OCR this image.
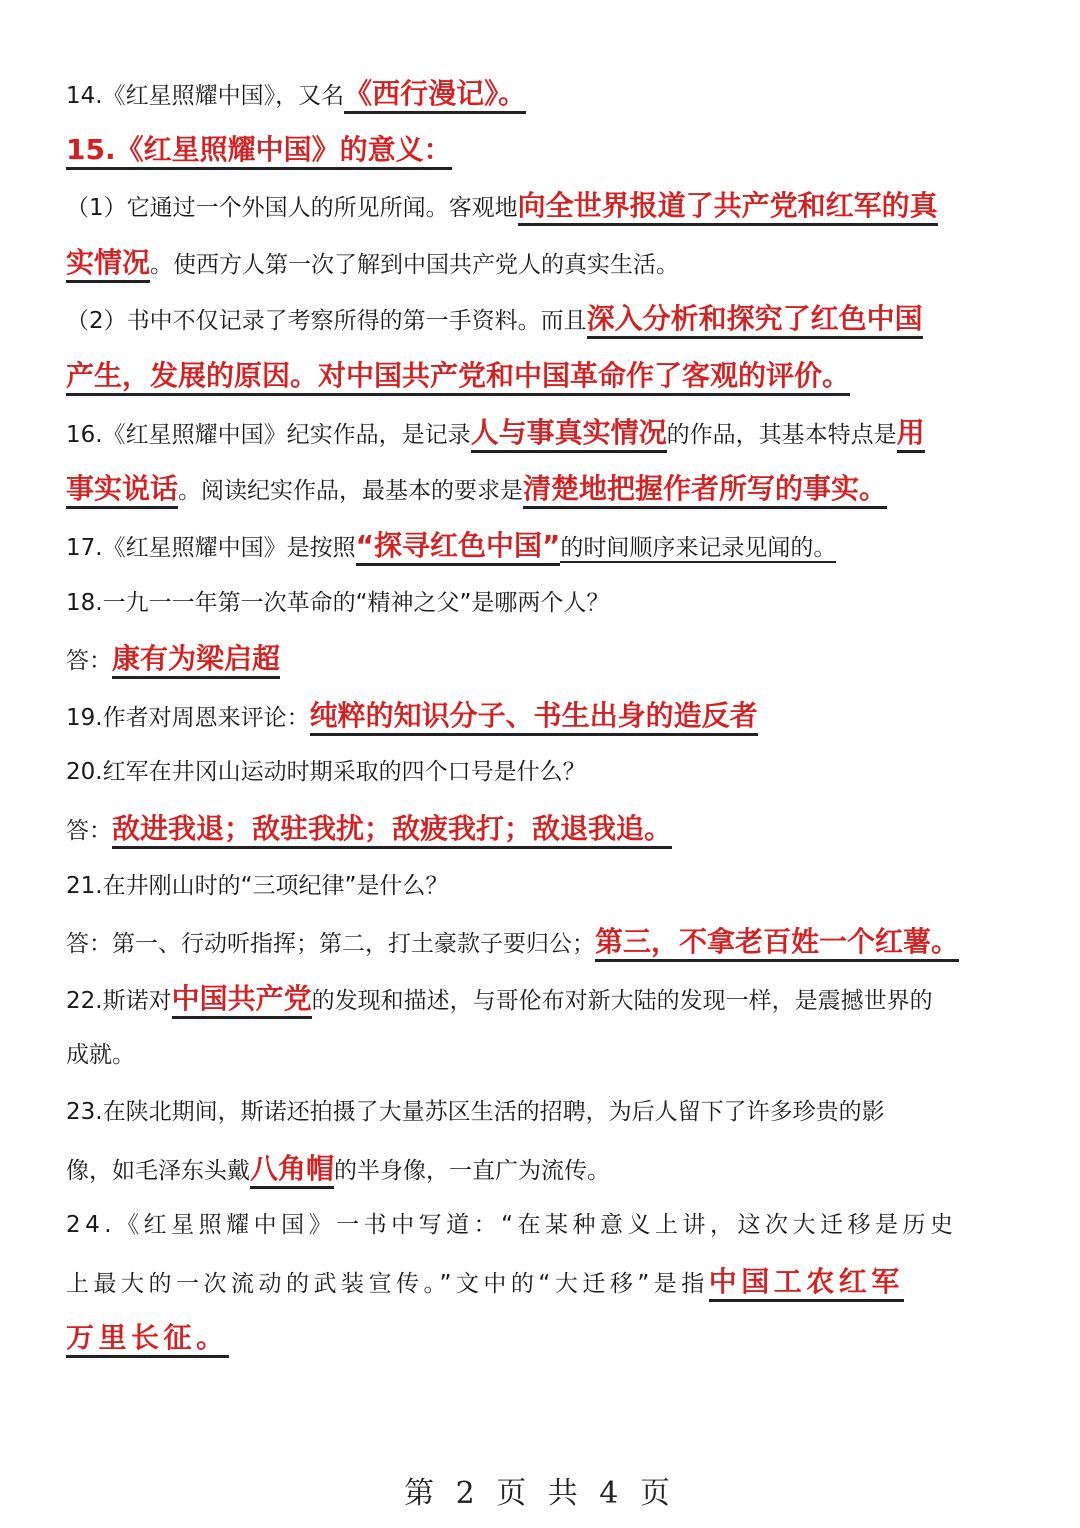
14.《红星照耀中国》，又名《西行漫记》。
15.《红星照耀中国》的意义：
（1）它通过一个外国人的所见所闻。客观地向全世界报道了共产党和红军的真
实情况。使西方人第一次了解到中国共产党人的真实生活。
（2）书中不仅记录了考察所得的第一手资料。而且深入分析和探究了红色中国
产生，发展的原因。对中国共产党和中国革命作了客观的评价。
16.《红星照耀中国》纪实作品，是记录人与事真实情况的作品，其基本特点是用
事实说话。阅读纪实作品，最基本的要求是清楚地把握作者所写的事实。
17.《红星照耀中国》是按照“探寻红色中国”的时间顺序来记录见闻的。
18.一九一一年第一次革命的“精神之父”是哪两个人？
答：康有为梁启超
19.作者对周恩来评论：纯粹的知识分子、书生出身的造反者
20.红军在井冈山运动时期采取的四个口号是什么？
答：敌进我退；敌驻我扰；敌疲我打；敌退我追。
21.在井刚山时的“三项纪律”是什么？
答：第一、行动听指挥；第二，打土豪款子要归公；第三，不拿老百姓一个红薯。
22.斯诺对中国共产党的发现和描述，与哥伦布对新大陆的发现一样，是震撼世界的
成就。
23.在陕北期间，斯诺还拍摄了大量苏区生活的招聘，为后人留下了许多珍贵的影
像，如毛泽东头戴八角帽的半身像，一直广为流传。
24.《红星照耀中国》一书中写道：“在某种意义上讲，这次大迁移是历史
上最大的一次流动的武装宣传。”文中的“大迁移”是指中国工农红军
万里长征。
第 2 页 共 4 页
